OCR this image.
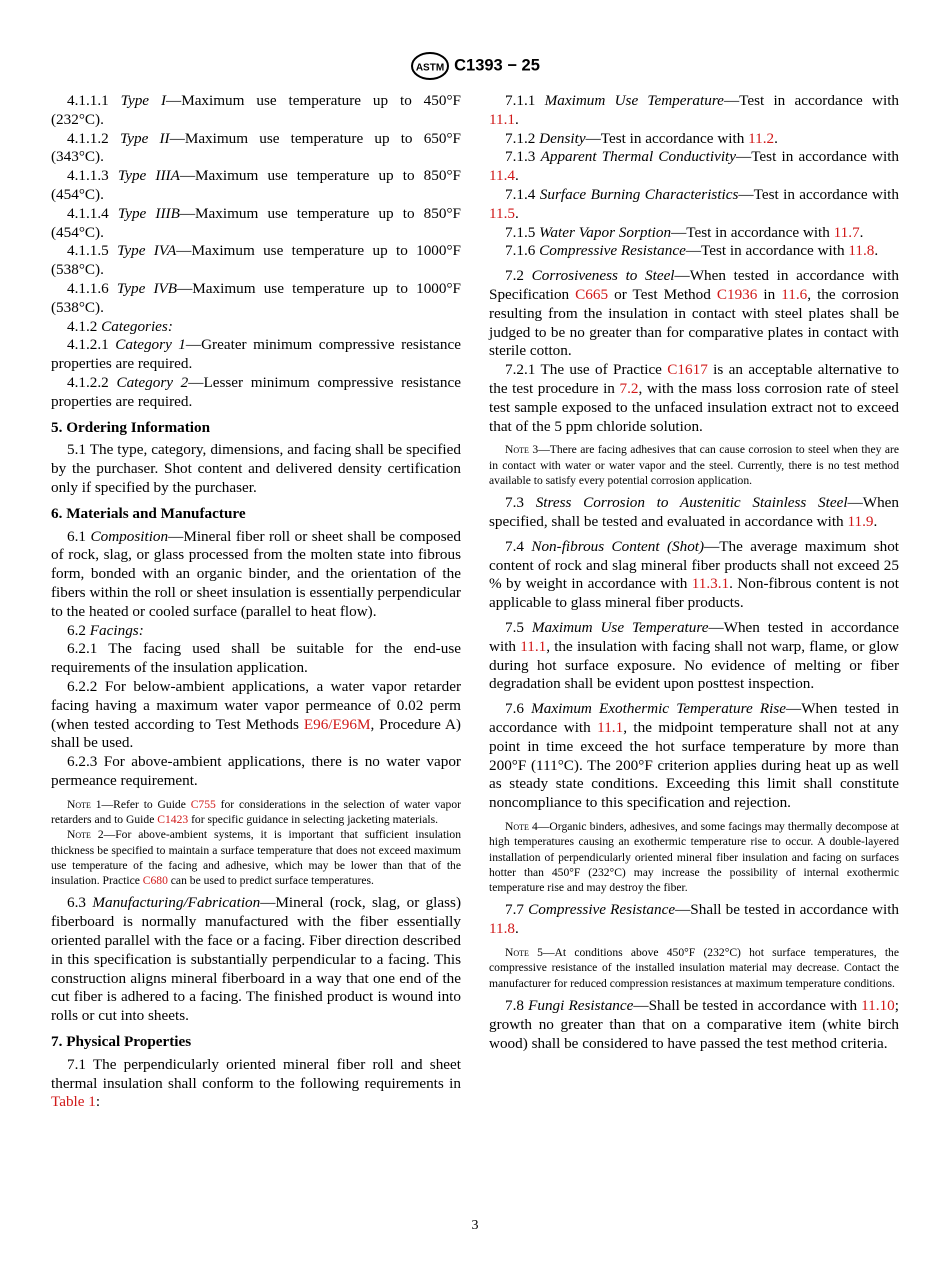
ASTM C1393 − 25

4.1.1.1 Type I—Maximum use temperature up to 450°F (232°C).

4.1.1.2 Type II—Maximum use temperature up to 650°F (343°C).

4.1.1.3 Type IIIA—Maximum use temperature up to 850°F (454°C).

4.1.1.4 Type IIIB—Maximum use temperature up to 850°F (454°C).

4.1.1.5 Type IVA—Maximum use temperature up to 1000°F (538°C).

4.1.1.6 Type IVB—Maximum use temperature up to 1000°F (538°C).

4.1.2 Categories:

4.1.2.1 Category 1—Greater minimum compressive resistance properties are required.

4.1.2.2 Category 2—Lesser minimum compressive resistance properties are required.

5. Ordering Information

5.1 The type, category, dimensions, and facing shall be specified by the purchaser. Shot content and delivered density certification only if specified by the purchaser.

6. Materials and Manufacture

6.1 Composition—Mineral fiber roll or sheet shall be composed of rock, slag, or glass processed from the molten state into fibrous form, bonded with an organic binder, and the orientation of the fibers within the roll or sheet insulation is essentially perpendicular to the heated or cooled surface (parallel to heat flow).

6.2 Facings:

6.2.1 The facing used shall be suitable for the end-use requirements of the insulation application.

6.2.2 For below-ambient applications, a water vapor retarder facing having a maximum water vapor permeance of 0.02 perm (when tested according to Test Methods E96/E96M, Procedure A) shall be used.

6.2.3 For above-ambient applications, there is no water vapor permeance requirement.

Note 1—Refer to Guide C755 for considerations in the selection of water vapor retarders and to Guide C1423 for specific guidance in selecting jacketing materials.

Note 2—For above-ambient systems, it is important that sufficient insulation thickness be specified to maintain a surface temperature that does not exceed maximum use temperature of the facing and adhesive, which may be lower than that of the insulation. Practice C680 can be used to predict surface temperatures.

6.3 Manufacturing/Fabrication—Mineral (rock, slag, or glass) fiberboard is normally manufactured with the fiber essentially oriented parallel with the face or a facing. Fiber direction described in this specification is substantially perpendicular to a facing. This construction aligns mineral fiberboard in a way that one end of the cut fiber is adhered to a facing. The finished product is wound into rolls or cut into sheets.

7. Physical Properties

7.1 The perpendicularly oriented mineral fiber roll and sheet thermal insulation shall conform to the following requirements in Table 1:

7.1.1 Maximum Use Temperature—Test in accordance with 11.1.

7.1.2 Density—Test in accordance with 11.2.

7.1.3 Apparent Thermal Conductivity—Test in accordance with 11.4.

7.1.4 Surface Burning Characteristics—Test in accordance with 11.5.

7.1.5 Water Vapor Sorption—Test in accordance with 11.7.

7.1.6 Compressive Resistance—Test in accordance with 11.8.

7.2 Corrosiveness to Steel—When tested in accordance with Specification C665 or Test Method C1936 in 11.6, the corrosion resulting from the insulation in contact with steel plates shall be judged to be no greater than for comparative plates in contact with sterile cotton.

7.2.1 The use of Practice C1617 is an acceptable alternative to the test procedure in 7.2, with the mass loss corrosion rate of steel test sample exposed to the unfaced insulation extract not to exceed that of the 5 ppm chloride solution.

Note 3—There are facing adhesives that can cause corrosion to steel when they are in contact with water or water vapor and the steel. Currently, there is no test method available to satisfy every potential corrosion application.

7.3 Stress Corrosion to Austenitic Stainless Steel—When specified, shall be tested and evaluated in accordance with 11.9.

7.4 Non-fibrous Content (Shot)—The average maximum shot content of rock and slag mineral fiber products shall not exceed 25 % by weight in accordance with 11.3.1. Non-fibrous content is not applicable to glass mineral fiber products.

7.5 Maximum Use Temperature—When tested in accordance with 11.1, the insulation with facing shall not warp, flame, or glow during hot surface exposure. No evidence of melting or fiber degradation shall be evident upon posttest inspection.

7.6 Maximum Exothermic Temperature Rise—When tested in accordance with 11.1, the midpoint temperature shall not at any point in time exceed the hot surface temperature by more than 200°F (111°C). The 200°F criterion applies during heat up as well as steady state conditions. Exceeding this limit shall constitute noncompliance to this specification and rejection.

Note 4—Organic binders, adhesives, and some facings may thermally decompose at high temperatures causing an exothermic temperature rise to occur. A double-layered installation of perpendicularly oriented mineral fiber insulation and facing on surfaces hotter than 450°F (232°C) may increase the possibility of internal exothermic temperature rise and may destroy the fiber.

7.7 Compressive Resistance—Shall be tested in accordance with 11.8.

Note 5—At conditions above 450°F (232°C) hot surface temperatures, the compressive resistance of the installed insulation material may decrease. Contact the manufacturer for reduced compression resistances at maximum temperature conditions.

7.8 Fungi Resistance—Shall be tested in accordance with 11.10; growth no greater than that on a comparative item (white birch wood) shall be considered to have passed the test method criteria.

3
